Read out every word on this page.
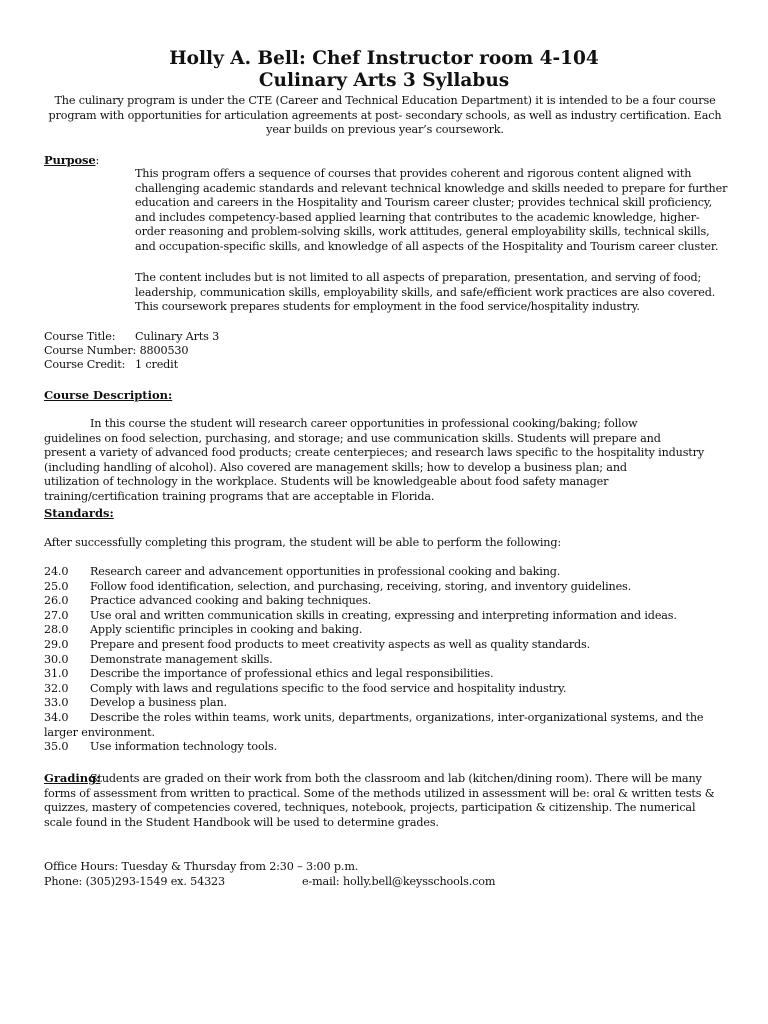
Holly A. Bell: Chef Instructor room 4-104
Culinary Arts 3 Syllabus
The culinary program is under the CTE (Career and Technical Education Department) it is intended to be a four course
program with opportunities for articulation agreements at post- secondary schools, as well as industry certification. Each
year builds on previous year’s coursework.
Purpose:
This program offers a sequence of courses that provides coherent and rigorous content aligned with
challenging academic standards and relevant technical knowledge and skills needed to prepare for further
education and careers in the Hospitality and Tourism career cluster; provides technical skill proficiency,
and includes competency-based applied learning that contributes to the academic knowledge, higher-
order reasoning and problem-solving skills, work attitudes, general employability skills, technical skills,
and occupation-specific skills, and knowledge of all aspects of the Hospitality and Tourism career cluster.
The content includes but is not limited to all aspects of preparation, presentation, and serving of food;
leadership, communication skills, employability skills, and safe/efficient work practices are also covered.
This coursework prepares students for employment in the food service/hospitality industry.
Course Title: Culinary Arts 3
Course Number: 8800530
Course Credit: 1 credit
Course Description:
In this course the student will research career opportunities in professional cooking/baking; follow
guidelines on food selection, purchasing, and storage; and use communication skills. Students will prepare and
present a variety of advanced food products; create centerpieces; and research laws specific to the hospitality industry
(including handling of alcohol). Also covered are management skills; how to develop a business plan; and
utilization of technology in the workplace. Students will be knowledgeable about food safety manager
training/certification training programs that are acceptable in Florida.
Standards:
After successfully completing this program, the student will be able to perform the following:
24.0 Research career and advancement opportunities in professional cooking and baking.
25.0 Follow food identification, selection, and purchasing, receiving, storing, and inventory guidelines.
26.0 Practice advanced cooking and baking techniques.
27.0 Use oral and written communication skills in creating, expressing and interpreting information and ideas.
28.0 Apply scientific principles in cooking and baking.
29.0 Prepare and present food products to meet creativity aspects as well as quality standards.
30.0 Demonstrate management skills.
31.0 Describe the importance of professional ethics and legal responsibilities.
32.0 Comply with laws and regulations specific to the food service and hospitality industry.
33.0 Develop a business plan.
34.0 Describe the roles within teams, work units, departments, organizations, inter-organizational systems, and the
larger environment.
35.0 Use information technology tools.
Grading:
Students are graded on their work from both the classroom and lab (kitchen/dining room). There will be many
forms of assessment from written to practical. Some of the methods utilized in assessment will be: oral & written tests &
quizzes, mastery of competencies covered, techniques, notebook, projects, participation & citizenship. The numerical
scale found in the Student Handbook will be used to determine grades.
Office Hours: Tuesday & Thursday from 2:30 – 3:00 p.m.
Phone: (305)293-1549 ex. 54323	e-mail: holly.bell@keysschools.com
